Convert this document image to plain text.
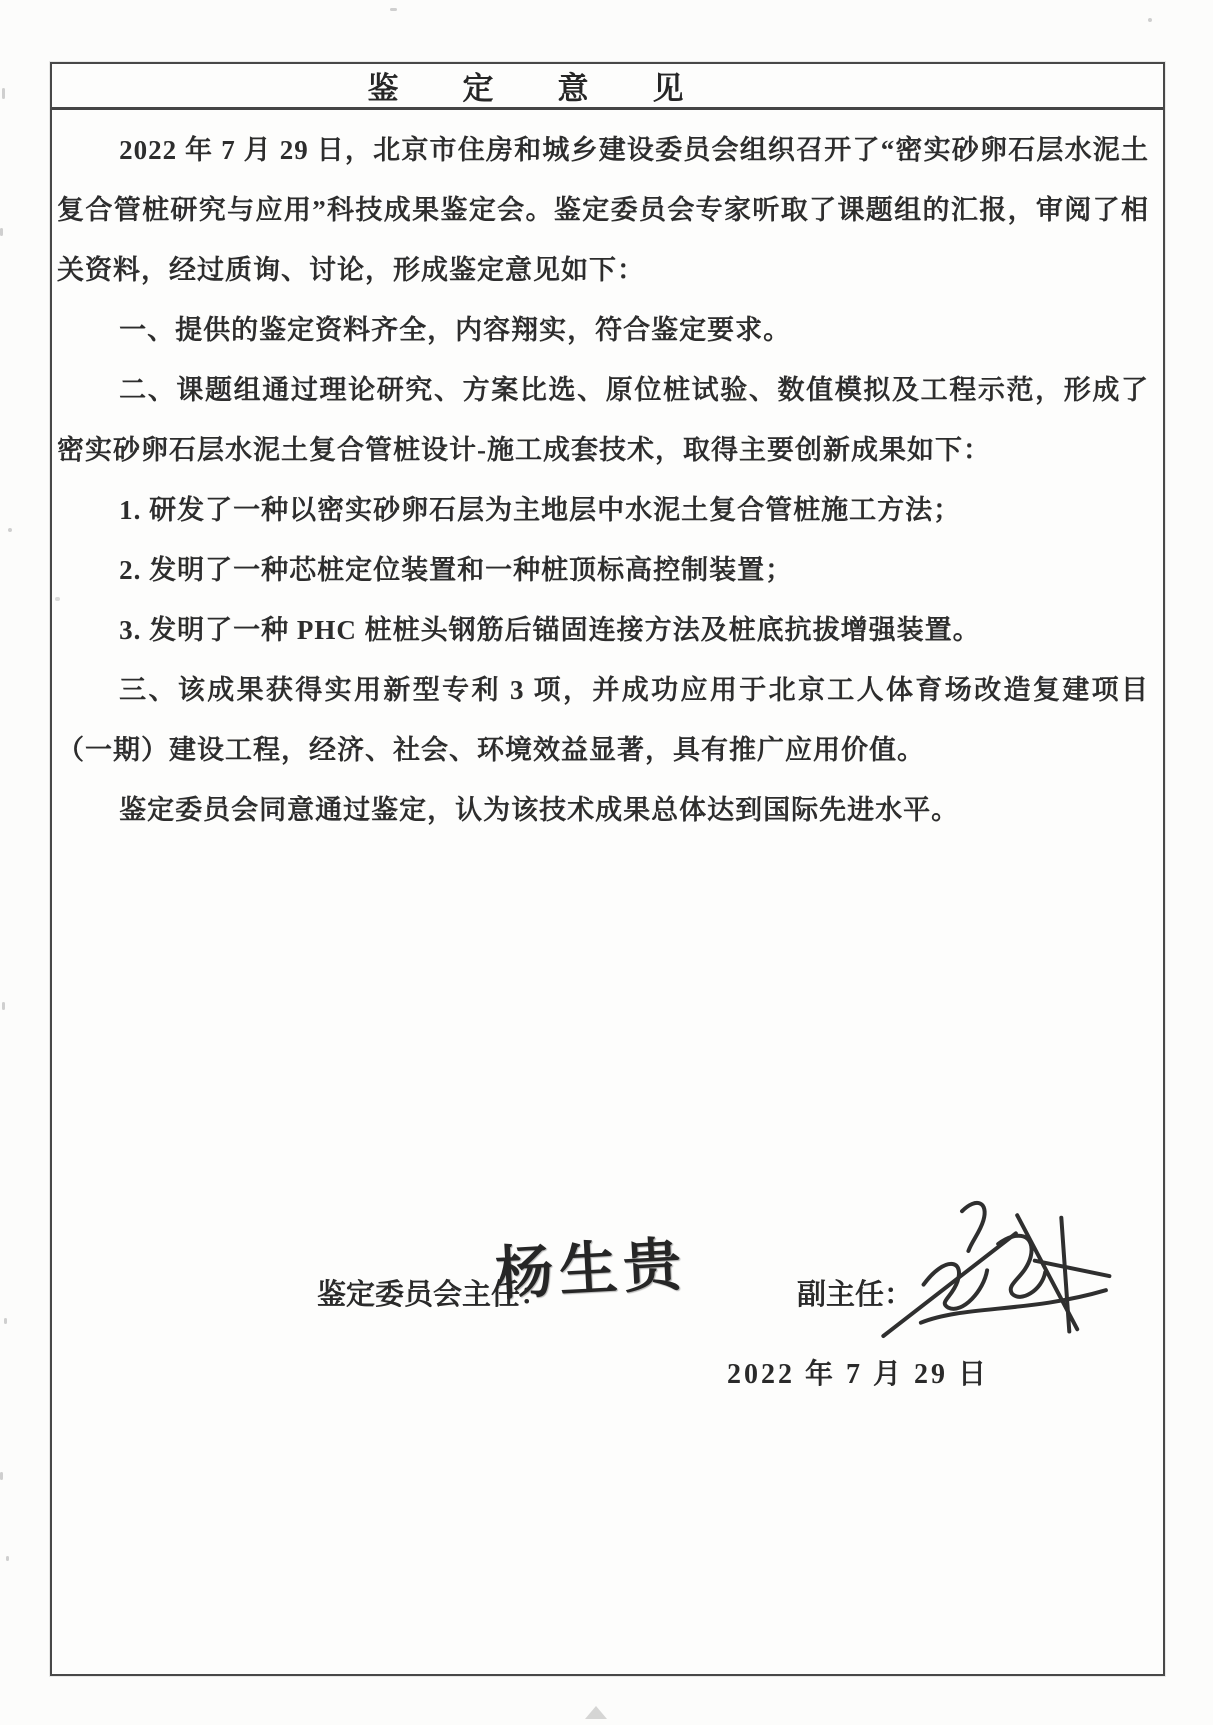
鉴定意见

2022 年 7 月 29 日，北京市住房和城乡建设委员会组织召开了“密实砂卵石层水泥土复合管桩研究与应用”科技成果鉴定会。鉴定委员会专家听取了课题组的汇报，审阅了相关资料，经过质询、讨论，形成鉴定意见如下：

一、提供的鉴定资料齐全，内容翔实，符合鉴定要求。

二、课题组通过理论研究、方案比选、原位桩试验、数值模拟及工程示范，形成了密实砂卵石层水泥土复合管桩设计-施工成套技术，取得主要创新成果如下：

1. 研发了一种以密实砂卵石层为主地层中水泥土复合管桩施工方法；

2. 发明了一种芯桩定位装置和一种桩顶标高控制装置；

3. 发明了一种 PHC 桩桩头钢筋后锚固连接方法及桩底抗拔增强装置。

三、该成果获得实用新型专利 3 项，并成功应用于北京工人体育场改造复建项目（一期）建设工程，经济、社会、环境效益显著，具有推广应用价值。

鉴定委员会同意通过鉴定，认为该技术成果总体达到国际先进水平。

鉴定委员会主任：
杨生贵	副主任：
2022 年 7 月 29 日
